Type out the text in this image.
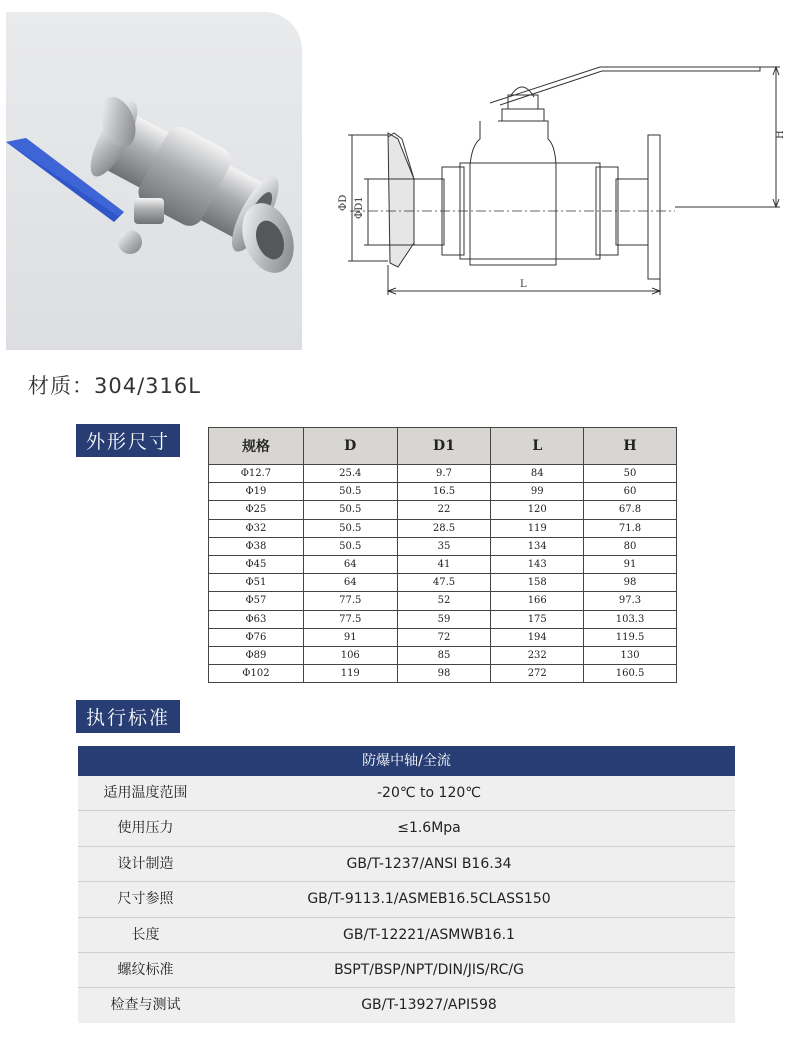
H
L
ΦD ΦD1
材质：304/316L
外形尺寸	规格	D	D1	L	H
Φ12.7	25.4	9.7	84	50
Φ19	50.5	16.5	99	60
Φ25	50.5	22	120	67.8
Φ32	50.5	28.5	119	71.8
Φ38	50.5	35	134	80
Φ45	64	41	143	91
Φ51	64	47.5	158	98
Φ57	77.5	52	166	97.3
Φ63	77.5	59	175	103.3
Φ76	91	72	194	119.5
Φ89	106	85	232	130
Φ102	119	98	272	160.5
执行标准
防爆中轴/全流
适用温度范围	-20℃ to 120℃
使用压力	≤1.6Mpa
设计制造	GB/T-1237/ANSI B16.34
尺寸参照	GB/T-9113.1/ASMEB16.5CLASS150
长度	GB/T-12221/ASMWB16.1
螺纹标准	BSPT/BSP/NPT/DIN/JIS/RC/G
检查与测试	GB/T-13927/API598
